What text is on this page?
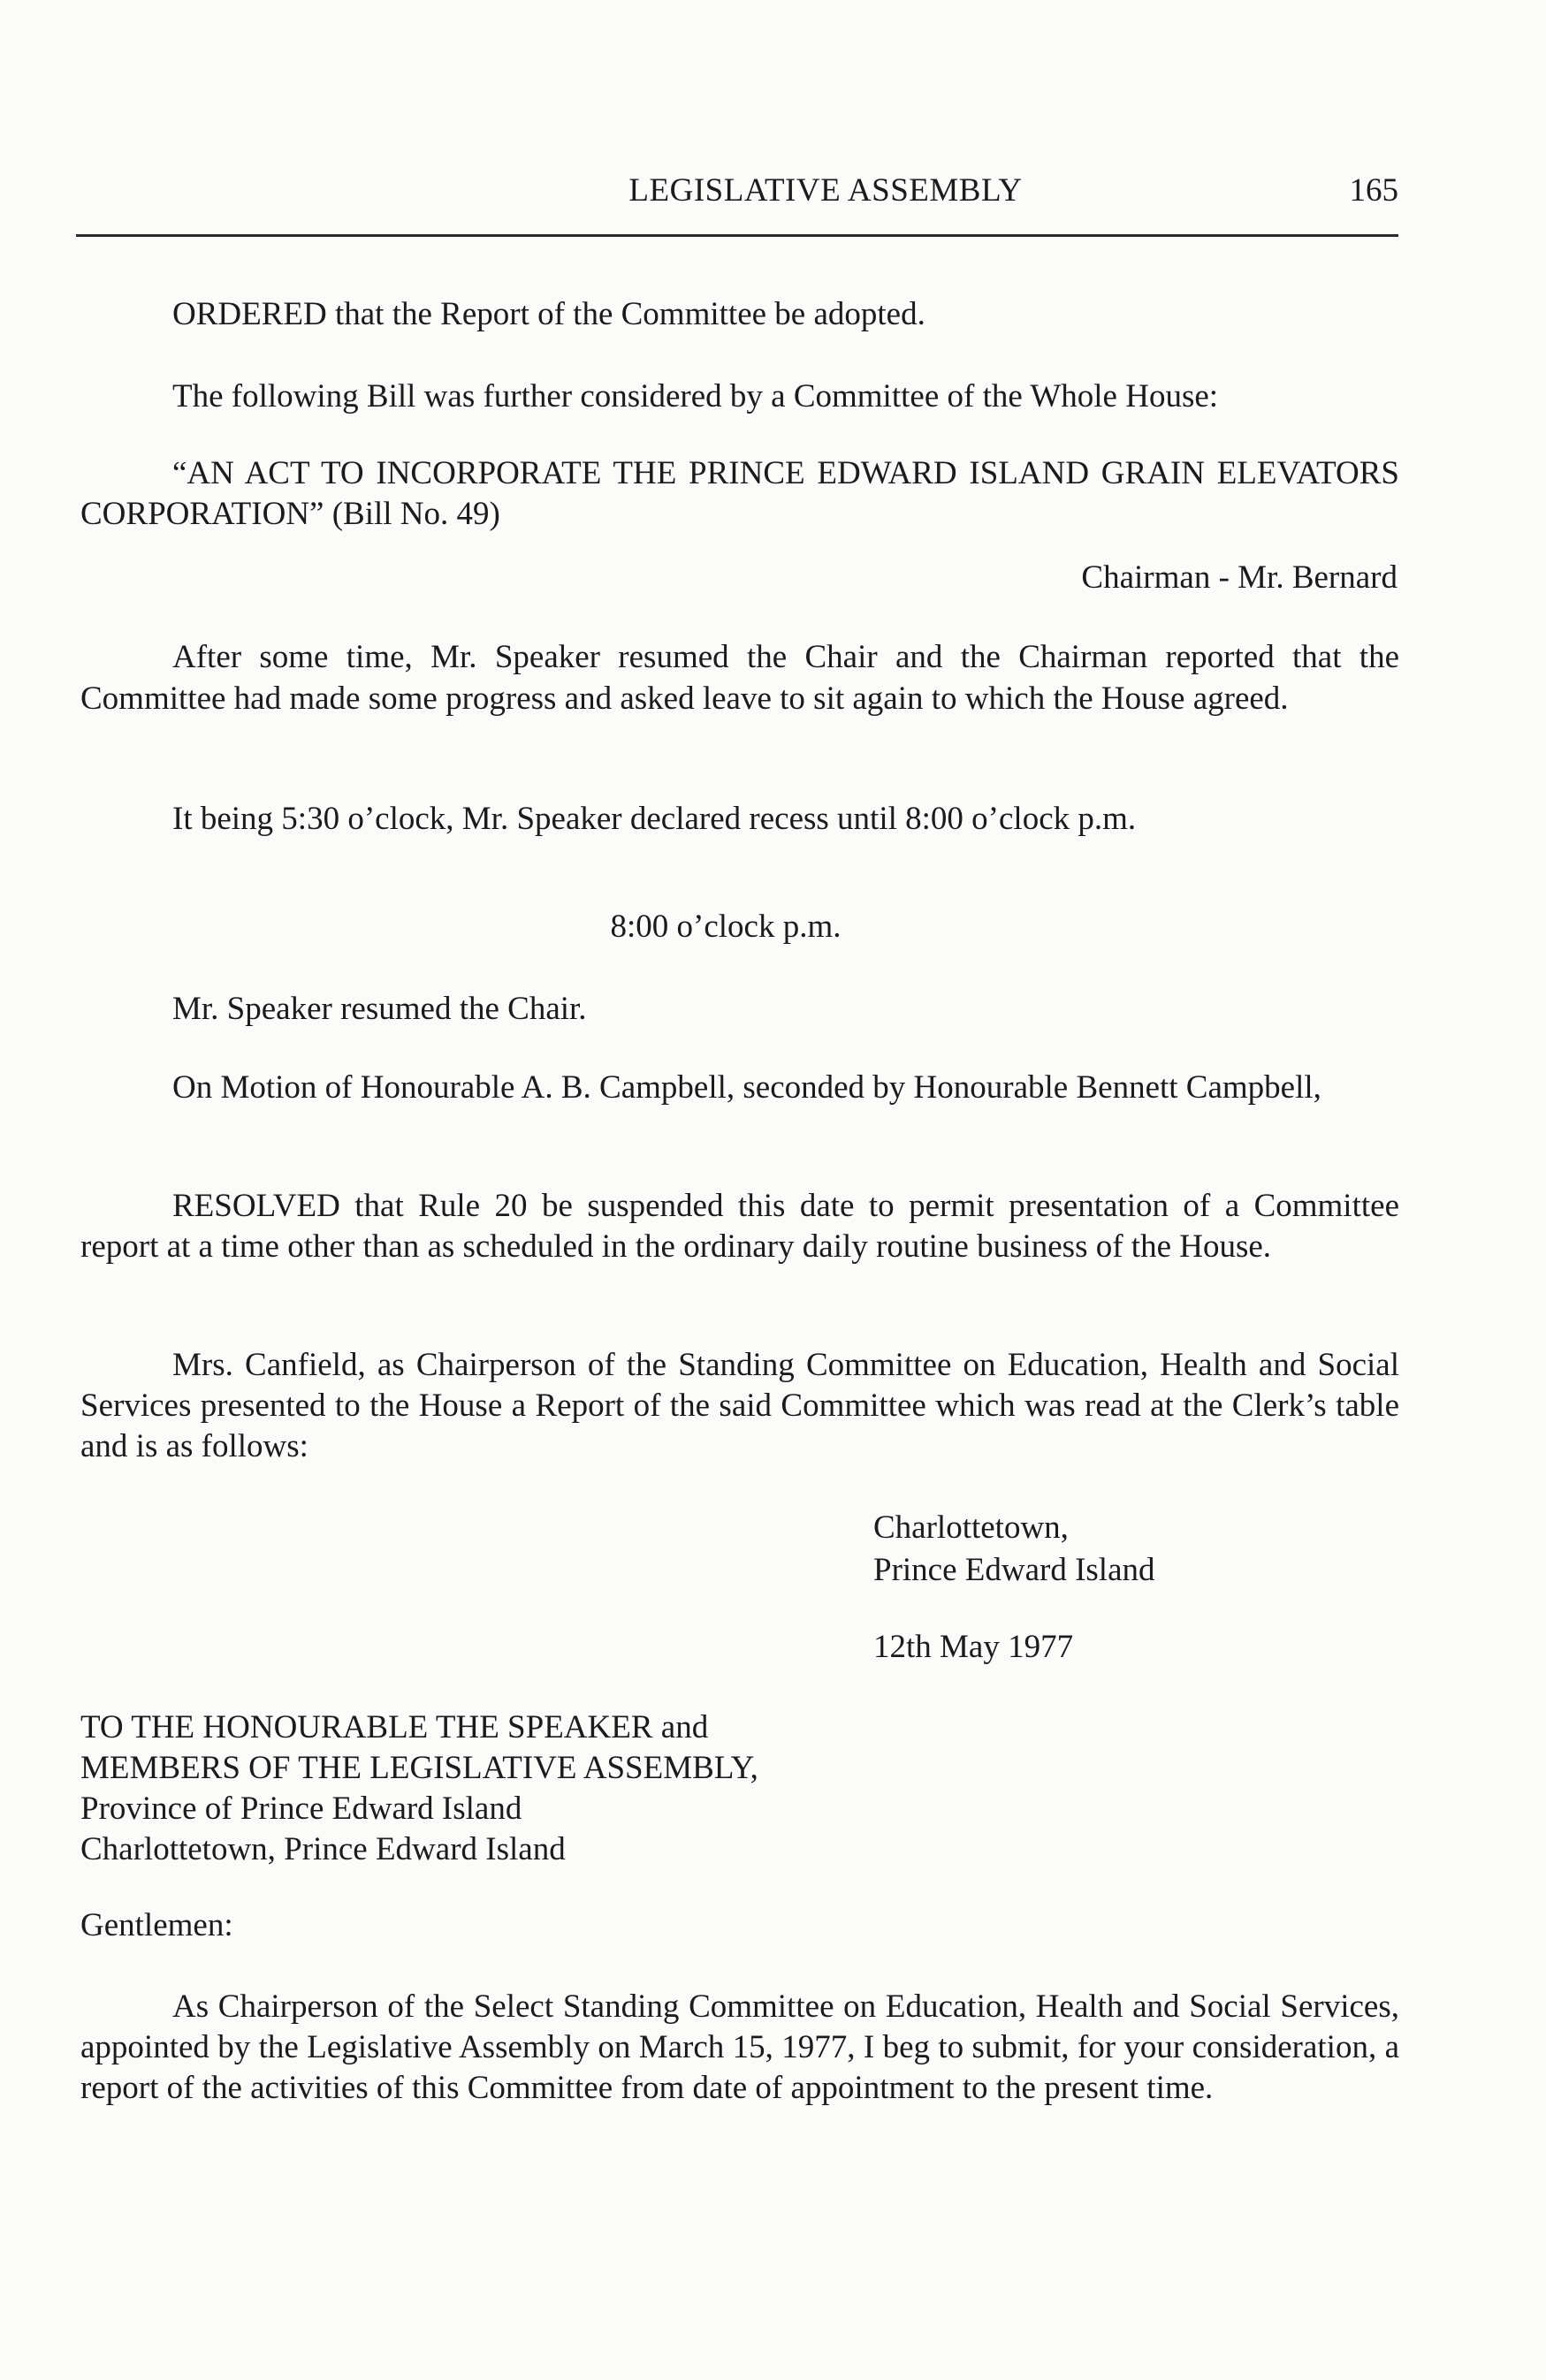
LEGISLATIVE ASSEMBLY	165

ORDERED that the Report of the Committee be adopted.

The following Bill was further considered by a Committee of the Whole House:

“AN ACT TO INCORPORATE THE PRINCE EDWARD ISLAND GRAIN ELEVATORS CORPORATION” (Bill No. 49)

Chairman - Mr. Bernard

After some time, Mr. Speaker resumed the Chair and the Chairman reported that the Committee had made some progress and asked leave to sit again to which the House agreed.

It being 5:30 o’clock, Mr. Speaker declared recess until 8:00 o’clock p.m.

8:00 o’clock p.m.

Mr. Speaker resumed the Chair.

On Motion of Honourable A. B. Campbell, seconded by Honourable Bennett Campbell,

RESOLVED that Rule 20 be suspended this date to permit presentation of a Committee report at a time other than as scheduled in the ordinary daily routine business of the House.

Mrs. Canfield, as Chairperson of the Standing Committee on Education, Health and Social Services presented to the House a Report of the said Committee which was read at the Clerk’s table and is as follows:

Charlottetown,
Prince Edward Island
12th May 1977
TO THE HONOURABLE THE SPEAKER and
MEMBERS OF THE LEGISLATIVE ASSEMBLY,
Province of Prince Edward Island
Charlottetown, Prince Edward Island

Gentlemen:

As Chairperson of the Select Standing Committee on Education, Health and Social Services, appointed by the Legislative Assembly on March 15, 1977, I beg to submit, for your consideration, a report of the activities of this Committee from date of appointment to the present time.
